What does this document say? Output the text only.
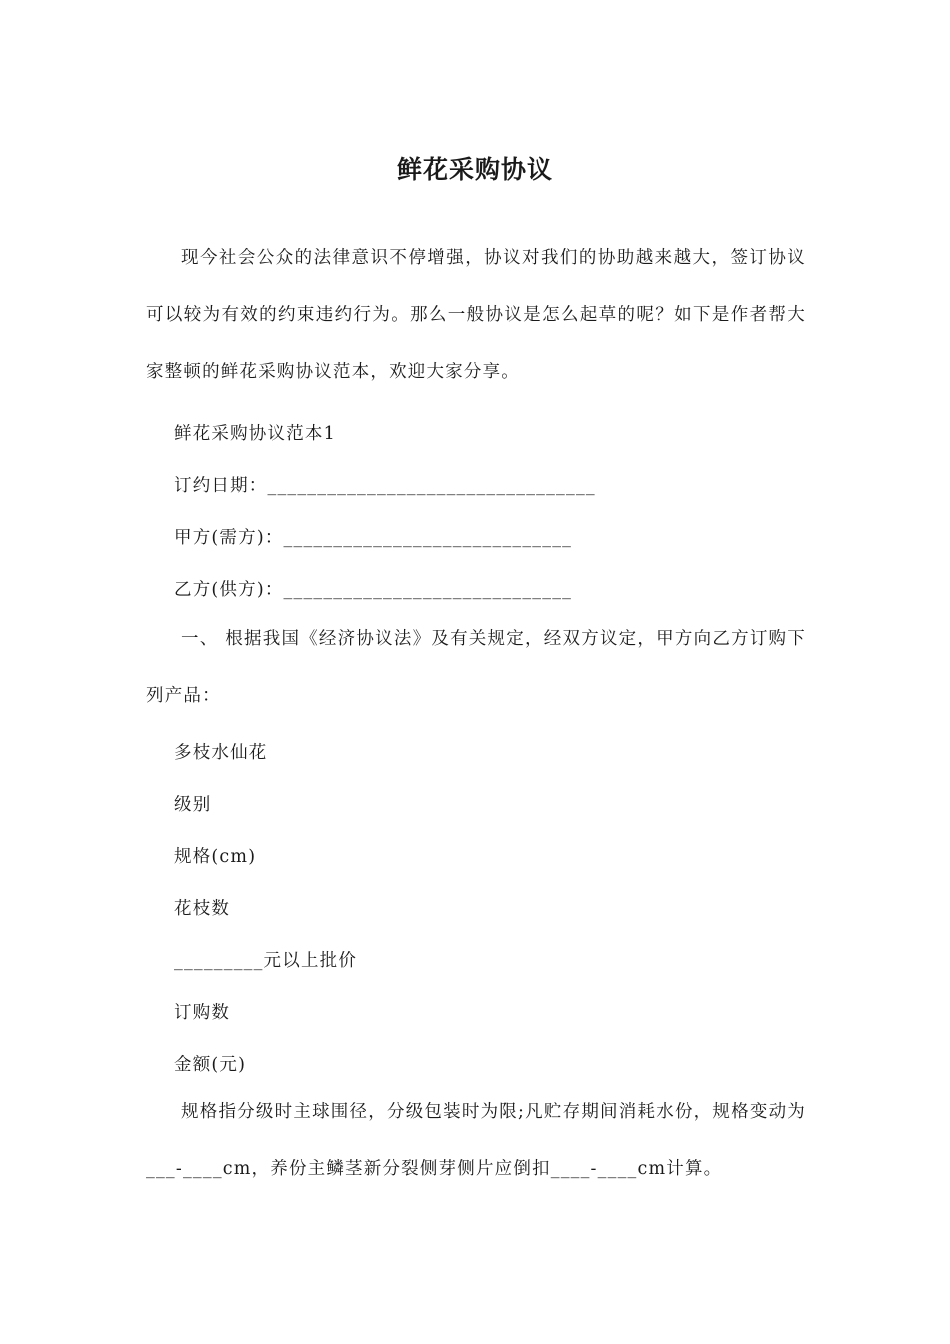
鲜花采购协议

现今社会公众的法律意识不停增强，协议对我们的协助越来越大，签订协议可以较为有效的约束违约行为。那么一般协议是怎么起草的呢？如下是作者帮大家整顿的鲜花采购协议范本，欢迎大家分享。

鲜花采购协议范本1
订约日期：_________________________________
甲方(需方)：_____________________________
乙方(供方)：_____________________________

一、 根据我国《经济协议法》及有关规定，经双方议定，甲方向乙方订购下列产品：

多枝水仙花
级别
规格(cm)
花枝数
_________元以上批价
订购数
金额(元)

规格指分级时主球围径，分级包装时为限;凡贮存期间消耗水份，规格变动为___-____cm，养份主鳞茎新分裂侧芽侧片应倒扣____-____cm计算。
